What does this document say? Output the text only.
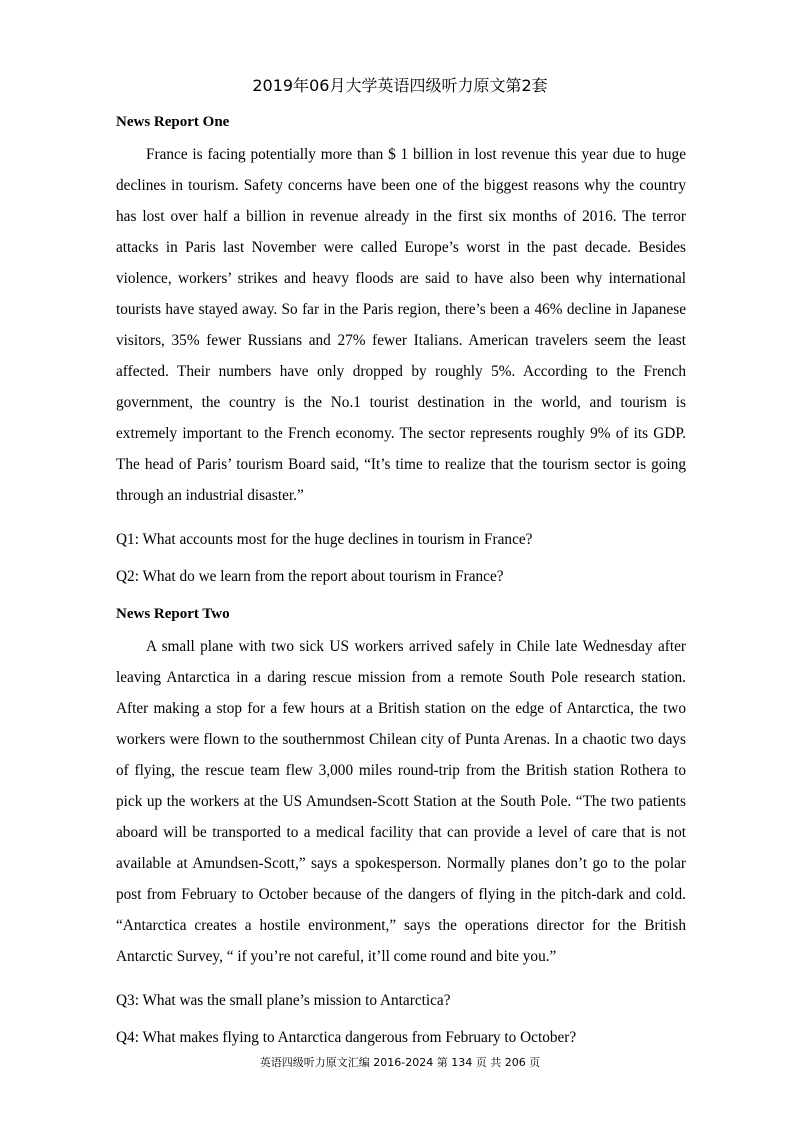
2019年06月大学英语四级听力原文第2套
News Report One

France is facing potentially more than $ 1 billion in lost revenue this year due to huge declines in tourism. Safety concerns have been one of the biggest reasons why the country has lost over half a billion in revenue already in the first six months of 2016. The terror attacks in Paris last November were called Europe’s worst in the past decade. Besides violence, workers’ strikes and heavy floods are said to have also been why international tourists have stayed away. So far in the Paris region, there’s been a 46% decline in Japanese visitors, 35% fewer Russians and 27% fewer Italians. American travelers seem the least affected. Their numbers have only dropped by roughly 5%. According to the French government, the country is the No.1 tourist destination in the world, and tourism is extremely important to the French economy. The sector represents roughly 9% of its GDP. The head of Paris’ tourism Board said, “It’s time to realize that the tourism sector is going through an industrial disaster.”

Q1: What accounts most for the huge declines in tourism in France?
Q2: What do we learn from the report about tourism in France?
News Report Two

A small plane with two sick US workers arrived safely in Chile late Wednesday after leaving Antarctica in a daring rescue mission from a remote South Pole research station. After making a stop for a few hours at a British station on the edge of Antarctica, the two workers were flown to the southernmost Chilean city of Punta Arenas. In a chaotic two days of flying, the rescue team flew 3,000 miles round-trip from the British station Rothera to pick up the workers at the US Amundsen-Scott Station at the South Pole. “The two patients aboard will be transported to a medical facility that can provide a level of care that is not available at Amundsen-Scott,” says a spokesperson. Normally planes don’t go to the polar post from February to October because of the dangers of flying in the pitch-dark and cold. “Antarctica creates a hostile environment,” says the operations director for the British Antarctic Survey, “ if you’re not careful, it’ll come round and bite you.”

Q3: What was the small plane’s mission to Antarctica?
Q4: What makes flying to Antarctica dangerous from February to October?
英语四级听力原文汇编 2016-2024 第 134 页 共 206 页
